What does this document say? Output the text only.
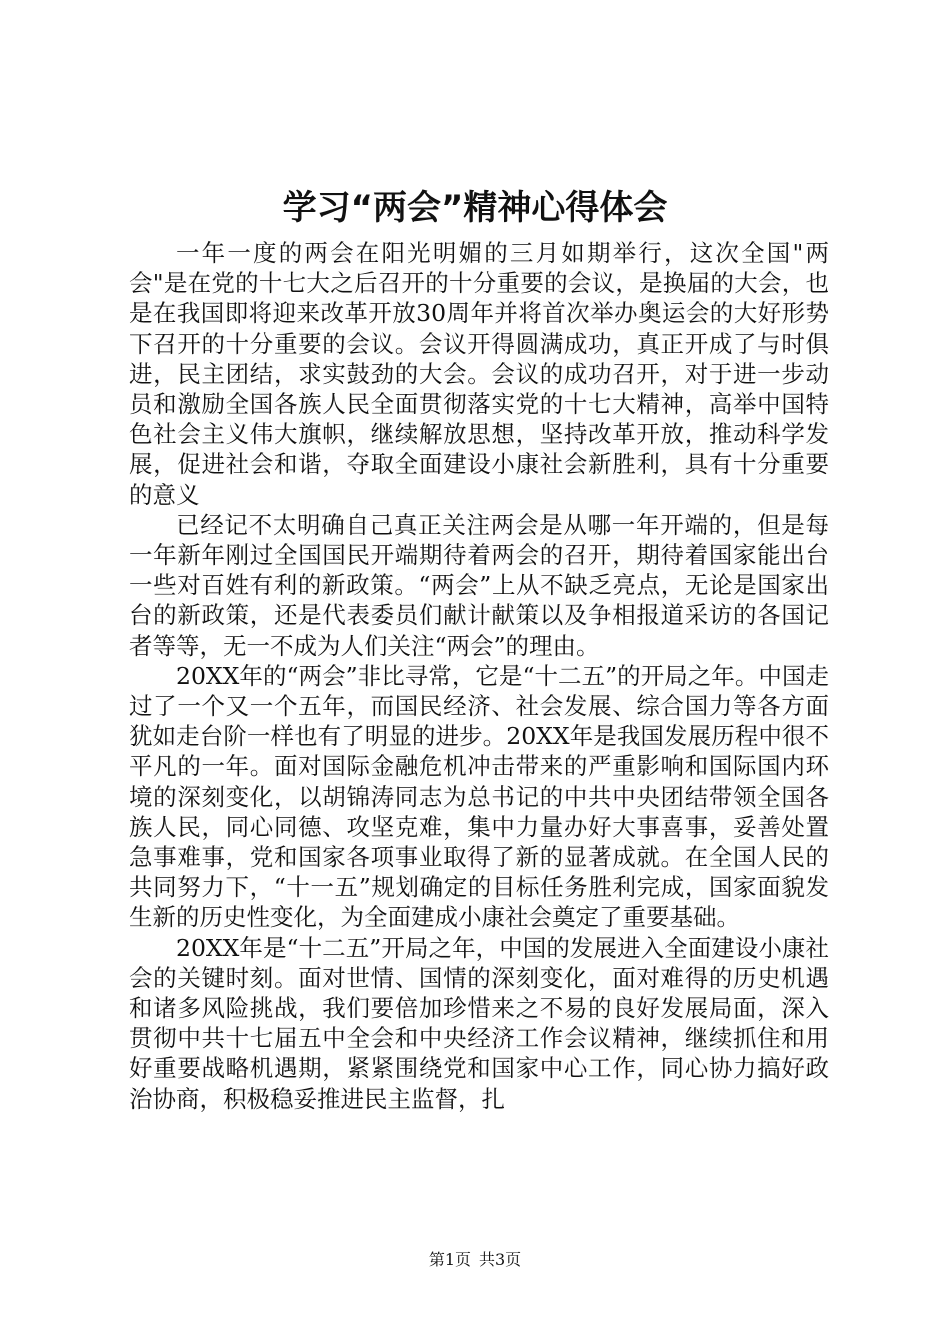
学习“两会”精神心得体会

一年一度的两会在阳光明媚的三月如期举行，这次全国"两会"是在党的十七大之后召开的十分重要的会议，是换届的大会，也是在我国即将迎来改革开放30周年并将首次举办奥运会的大好形势下召开的十分重要的会议。会议开得圆满成功，真正开成了与时俱进，民主团结，求实鼓劲的大会。会议的成功召开，对于进一步动员和激励全国各族人民全面贯彻落实党的十七大精神，高举中国特色社会主义伟大旗帜，继续解放思想，坚持改革开放，推动科学发展，促进社会和谐，夺取全面建设小康社会新胜利，具有十分重要的意义

已经记不太明确自己真正关注两会是从哪一年开端的，但是每一年新年刚过全国国民开端期待着两会的召开，期待着国家能出台一些对百姓有利的新政策。“两会”上从不缺乏亮点，无论是国家出台的新政策，还是代表委员们献计献策以及争相报道采访的各国记者等等，无一不成为人们关注“两会”的理由。

20XX年的“两会”非比寻常，它是“十二五”的开局之年。中国走过了一个又一个五年，而国民经济、社会发展、综合国力等各方面犹如走台阶一样也有了明显的进步。20XX年是我国发展历程中很不平凡的一年。面对国际金融危机冲击带来的严重影响和国际国内环境的深刻变化，以胡锦涛同志为总书记的中共中央团结带领全国各族人民，同心同德、攻坚克难，集中力量办好大事喜事，妥善处置急事难事，党和国家各项事业取得了新的显著成就。在全国人民的共同努力下，“十一五”规划确定的目标任务胜利完成，国家面貌发生新的历史性变化，为全面建成小康社会奠定了重要基础。

20XX年是“十二五”开局之年，中国的发展进入全面建设小康社会的关键时刻。面对世情、国情的深刻变化，面对难得的历史机遇和诸多风险挑战，我们要倍加珍惜来之不易的良好发展局面，深入贯彻中共十七届五中全会和中央经济工作会议精神，继续抓住和用好重要战略机遇期，紧紧围绕党和国家中心工作，同心协力搞好政治协商，积极稳妥推进民主监督，扎

第1页 共3页
